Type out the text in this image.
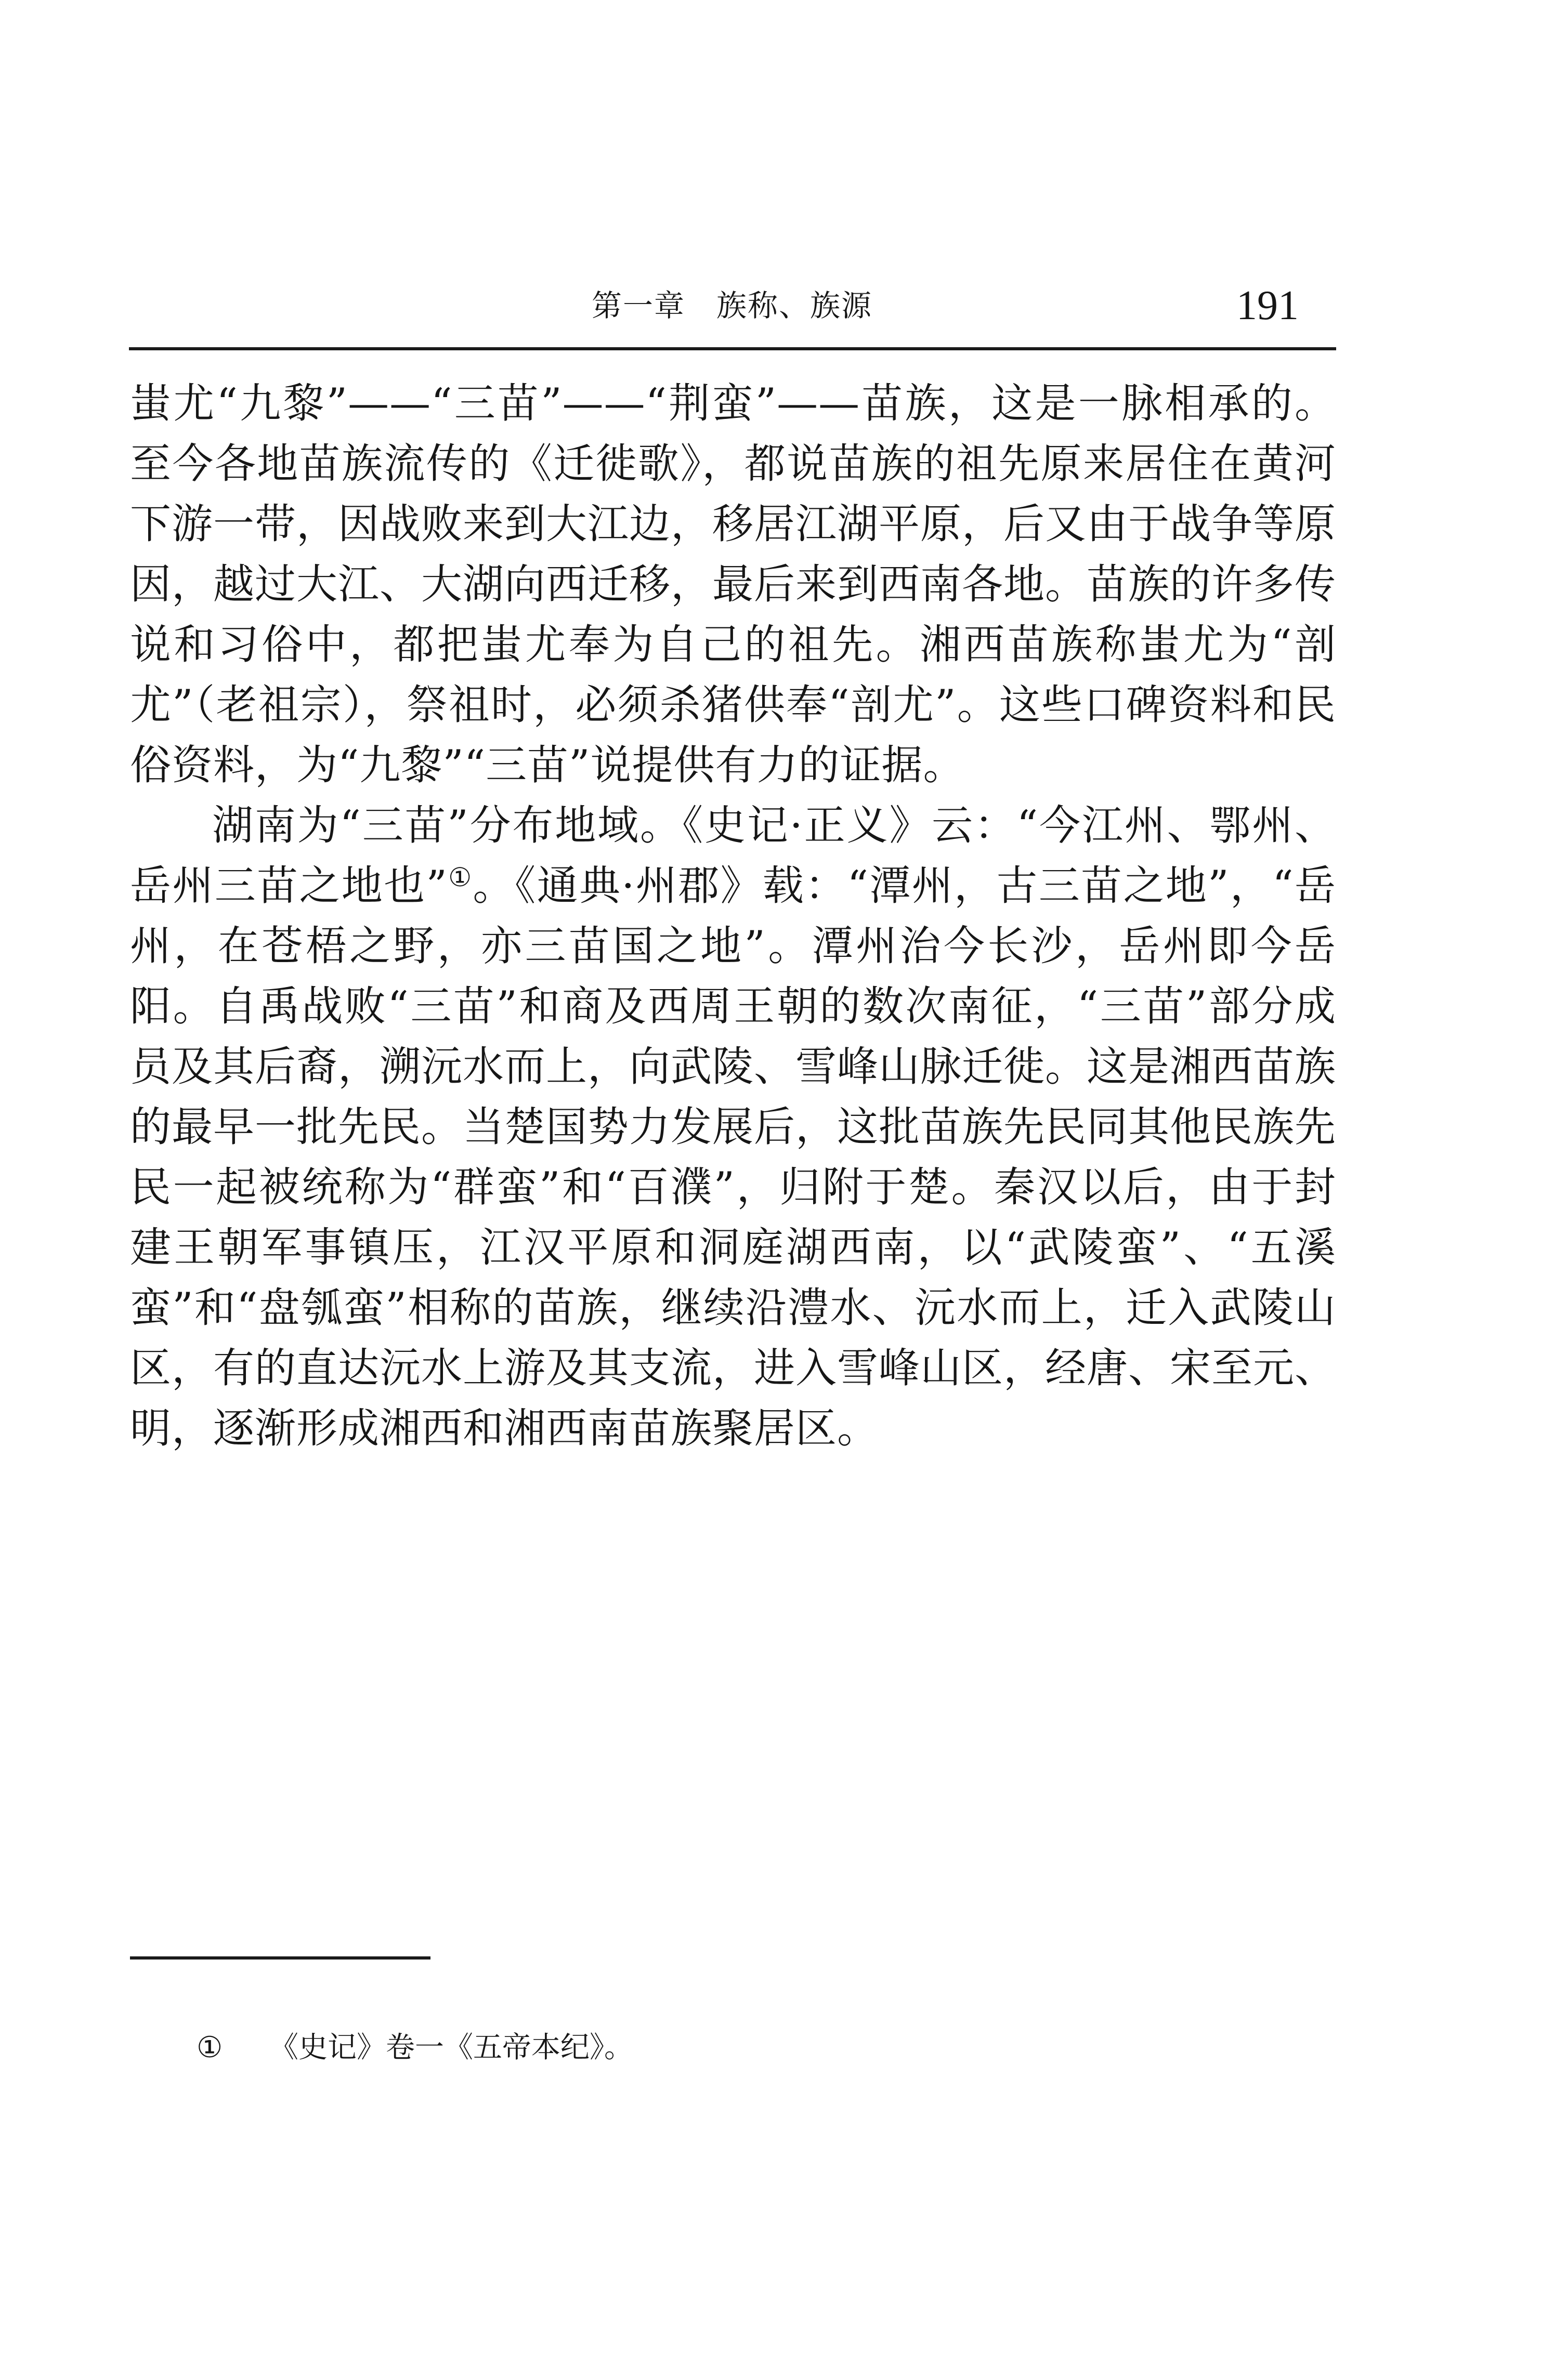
第一章　族称、族源	191

蚩尤“九黎”——“三苗”——“荆蛮”——苗族，这是一脉相承的。至今各地苗族流传的《迁徙歌》，都说苗族的祖先原来居住在黄河下游一带，因战败来到大江边，移居江湖平原，后又由于战争等原因，越过大江、大湖向西迁移，最后来到西南各地。苗族的许多传说和习俗中，都把蚩尤奉为自己的祖先。湘西苗族称蚩尤为“剖尤”（老祖宗），祭祖时，必须杀猪供奉“剖尤”。这些口碑资料和民俗资料，为“九黎”“三苗”说提供有力的证据。

湖南为“三苗”分布地域。《史记·正义》云：“今江州、鄂州、岳州三苗之地也”①。《通典·州郡》载：“潭州，古三苗之地”，“岳州，在苍梧之野，亦三苗国之地”。潭州治今长沙，岳州即今岳阳。自禹战败“三苗”和商及西周王朝的数次南征，“三苗”部分成员及其后裔，溯沅水而上，向武陵、雪峰山脉迁徙。这是湘西苗族的最早一批先民。当楚国势力发展后，这批苗族先民同其他民族先民一起被统称为“群蛮”和“百濮”，归附于楚。秦汉以后，由于封建王朝军事镇压，江汉平原和洞庭湖西南，以“武陵蛮”、“五溪蛮”和“盘瓠蛮”相称的苗族，继续沿澧水、沅水而上，迁入武陵山区，有的直达沅水上游及其支流，进入雪峰山区，经唐、宋至元、明，逐渐形成湘西和湘西南苗族聚居区。

① 《史记》卷一《五帝本纪》。
